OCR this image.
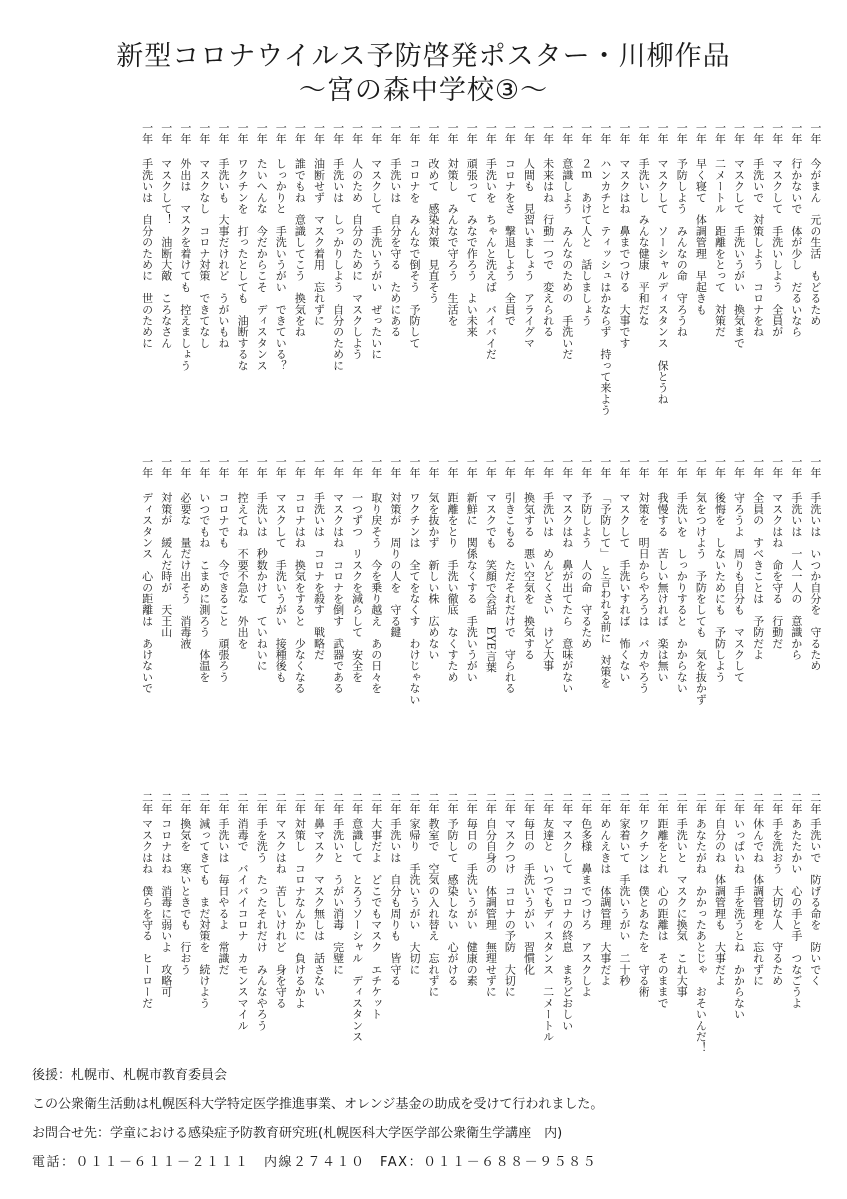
新型コロナウイルス予防啓発ポスター・川柳作品
～宮の森中学校③～
一年
今がまん　元の生活　もどるため
一年
行かないで　体が少し　だるいなら
一年
マスクして　手洗いしよう　全員が
一年
手洗いで　対策しよう　コロナをね
一年
マスクして　手洗いうがい　換気まで
一年
二メートル　距離をとって　対策だ
一年
早く寝て　体調管理　早起きも
一年
予防しよう　みんなの命　守ろうね
一年
マスクして　ソーシャルディスタンス　保とうね
一年
手洗いし　みんな健康　平和だな
一年
マスクはね　鼻までつける　大事です
一年
ハンカチと　ティッシュはかならず　持って来よう
一年
２ｍ　あけて人と　話しましょう
一年
意識しよう　みんなのための　手洗いだ
一年
未来はね　行動一つで　変えられる
一年
人間も　見習いましょう　アライグマ
一年
コロナをさ　撃退しよう　全員で
一年
手洗いを　ちゃんと洗えば　バイバイだ
一年
頑張って　みなで作ろう　よい未来
一年
対策し　みんなで守ろう　生活を
一年
改めて　感染対策　見直そう
一年
コロナを　みんなで倒そう　予防して
一年
手洗いは　自分を守る　ためにある
一年
マスクして　手洗いうがい　ぜったいに
一年
人のため　自分のために　マスクしよう
一年
手洗いは　しっかりしよう　自分のために
一年
油断せず　マスク着用　忘れずに
一年
誰でもね　意識してこう　換気をね
一年
しっかりと　手洗いうがい　できている？
一年
たいへんな　今だからこそ　ディスタンス
一年
ワクチンを　打ったとしても　油断するな
一年
手洗いも　大事だけれど　うがいもね
一年
マスクなし　コロナ対策　できてなし
一年
外出は　マスクを着けても　控えましょう
一年
マスクして！　油断大敵　ころなさん
一年
手洗いは　自分のために　世のために
一年
手洗いは　いつか自分を　守るため
一年
手洗いは　一人一人の　意識から
一年
マスクはね　命を守る　行動だ
一年
全員の　すべきことは　予防だよ
一年
守ろうよ　周りも自分も　マスクして
一年
後悔を　しないためにも　予防しよう
一年
気をつけよう　予防をしても　気を抜かず
一年
手洗いを　しっかりすると　かからない
一年
我慢する　苦しい無ければ　楽は無い
一年
対策を　明日からやろうは　バカやろう
一年
マスクして　手洗いすれば　怖くない
一年
「予防して」　と言われる前に　対策を
一年
予防しよう　人の命　守るため
一年
マスクはね　鼻が出てたら　意味がない
一年
手洗いは　めんどくさい　けど大事
一年
換気する　悪い空気を　換気する
一年
引きこもる　ただそれだけで　守られる
一年
マスクでも　笑顔で会話　EYE言葉
一年
新鮮に　関係なくする　手洗いうがい
一年
距離をとり　手洗い徹底　なくすため
一年
気を抜かず　新しい株　広めない
一年
ワクチンは　全てをなくす　わけじゃない
一年
対策が　周りの人を　守る鍵
一年
取り戻そう　今を乗り越え　あの日々を
一年
一つずつ　リスクを減らして　安全を
一年
マスクはね　コロナを倒す　武器である
一年
手洗いは　コロナを殺す　戦略だ
一年
コロナはね　換気をすると　少なくなる
一年
マスクして　手洗いうがい　接種後も
一年
手洗いは　秒数かけて　ていねいに
一年
控えてね　不要不急な　外出を
一年
コロナでも　今できること　頑張ろう
一年
いつでもね　こまめに測ろう　体温を
一年
必要な　量だけ出そう　消毒液
一年
対策が　緩んだ時が　天王山
一年
ディスタンス　心の距離は　あけないで
二年
手洗いで　防げる命を　防いでく
二年
あたたかい　心の手と手　つなごうよ
二年
手を洗おう　大切な人　守るため
二年
休んでね　体調管理を　忘れずに
二年
いっぱいね　手を洗うとね　かからない
二年
自分のね　体調管理も　大事だよ
二年
あなたがね　かかったあとじゃ　おそいんだ！
二年
手洗いと　マスクに換気　これ大事
二年
距離をとれ　心の距離は　そのままで
二年
ワクチンは　僕とあなたを　守る術
二年
家着いて　手洗いうがい　二十秒
二年
めんえきは　体調管理　大事だよ
二年
色多様　鼻までつけろ　アスクしよ
二年
マスクして　コロナの終息　まちどおしい
二年
友達と　いつでもディスタンス　二メートル
二年
毎日の　手洗いうがい　習慣化
二年
マスクつけ　コロナの予防　大切に
二年
自分自身の　体調管理　無理せずに
二年
毎日の　手洗いうがい　健康の素
二年
予防して　感染しない　心がける
二年
教室で　空気の入れ替え　忘れずに
二年
家帰り　手洗いうがい　大切に
二年
手洗いは　自分も周りも　皆守る
二年
大事だよ　どこでもマスク　エチケット
二年
意識して　とろうソーシャル　ディスタンス
二年
手洗いと　うがい消毒　完璧に
二年
鼻マスク　マスク無しは　話さない
二年
対策し　コロナなんかに　負けるかよ
二年
マスクはね　苦しいけれど　身を守る
二年
手を洗う　たったそれだけ　みんなやろう
二年
消毒で　バイバイコロナ　カモンスマイル
二年
手洗いは　毎日やるよ　常識だ
二年
減ってきても　まだ対策を　続けよう
二年
換気を　寒いときでも　行おう
二年
コロナはね　消毒に弱いよ　攻略可
二年
マスクはね　僕らを守る　ヒーローだ
後援：札幌市、札幌市教育委員会
この公衆衛生活動は札幌医科大学特定医学推進事業、オレンジ基金の助成を受けて行われました。
お問合せ先：学童における感染症予防教育研究班(札幌医科大学医学部公衆衛生学講座　内)
電話：０１１－６１１－２１１１　内線２７４１０　FAX：０１１－６８８－９５８５
